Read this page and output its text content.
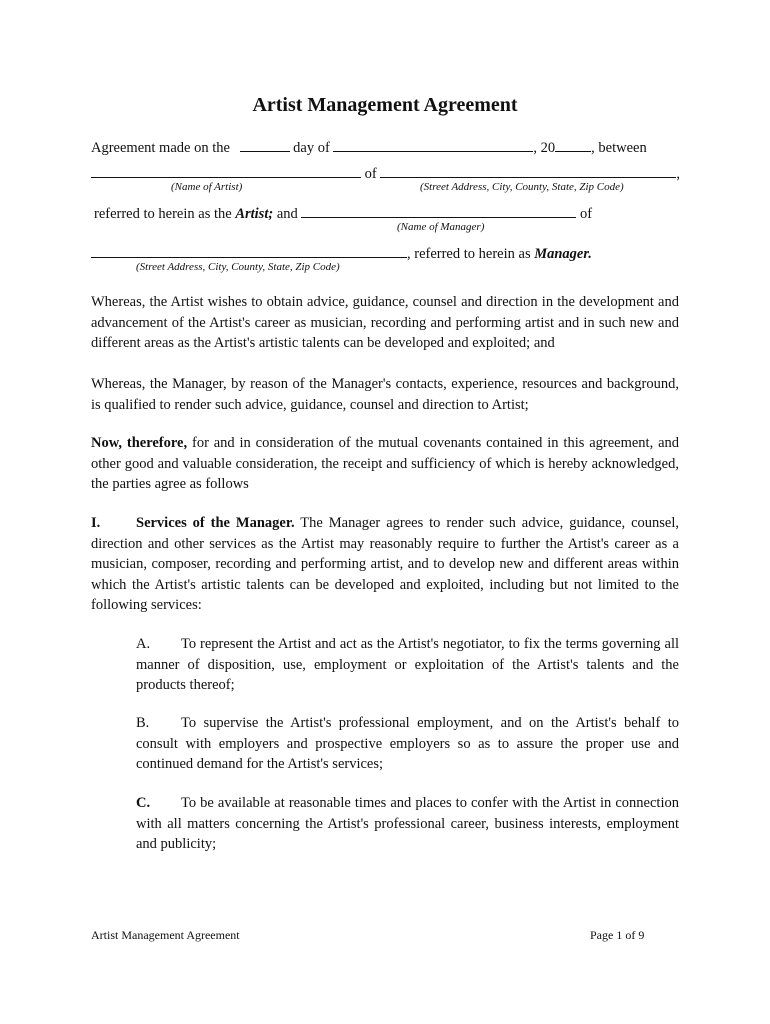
Artist Management Agreement
Agreement made on the	day of	, 20 , between
of	,
(Name of Artist)	(Street Address, City, County, State, Zip Code)
referred to herein as the Artist; and	of
(Name of Manager)
, referred to herein as Manager.
(Street Address, City, County, State, Zip Code)
Whereas, the Artist wishes to obtain advice, guidance, counsel and direction in the development and advancement of the Artist's career as musician, recording and performing artist and in such new and different areas as the Artist's artistic talents can be developed and exploited; and
Whereas, the Manager, by reason of the Manager's contacts, experience, resources and background, is qualified to render such advice, guidance, counsel and direction to Artist;
Now, therefore, for and in consideration of the mutual covenants contained in this agreement, and other good and valuable consideration, the receipt and sufficiency of which is hereby acknowledged, the parties agree as follows
I. Services of the Manager. The Manager agrees to render such advice, guidance, counsel, direction and other services as the Artist may reasonably require to further the Artist's career as a musician, composer, recording and performing artist, and to develop new and different areas within which the Artist's artistic talents can be developed and exploited, including but not limited to the following services:
A. To represent the Artist and act as the Artist's negotiator, to fix the terms governing all manner of disposition, use, employment or exploitation of the Artist's talents and the products thereof;
B. To supervise the Artist's professional employment, and on the Artist's behalf to consult with employers and prospective employers so as to assure the proper use and continued demand for the Artist's services;
C. To be available at reasonable times and places to confer with the Artist in connection with all matters concerning the Artist's professional career, business interests, employment and publicity;
Artist Management Agreement	Page 1 of 9
